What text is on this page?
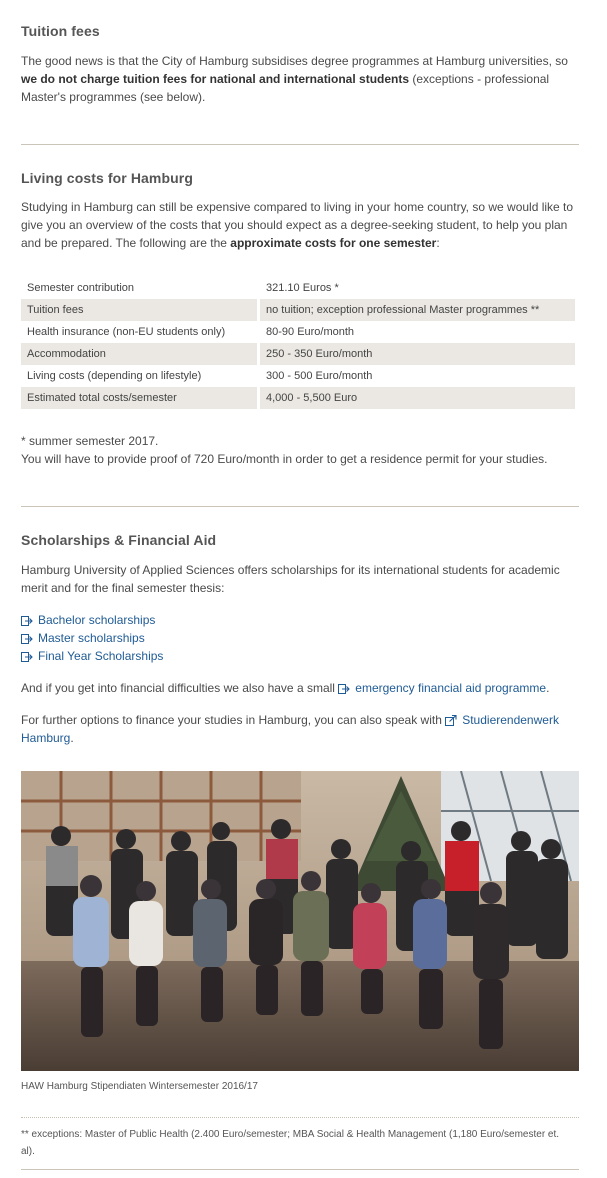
Tuition fees

The good news is that the City of Hamburg subsidises degree programmes at Hamburg universities, so we do not charge tuition fees for national and international students (exceptions - professional Master's programmes (see below).

Living costs for Hamburg

Studying in Hamburg can still be expensive compared to living in your home country, so we would like to give you an overview of the costs that you should expect as a degree-seeking student, to help you plan and be prepared. The following are the approximate costs for one semester:

Semester contribution		321.10 Euros *
Tuition fees		no tuition; exception professional Master programmes **
Health insurance (non-EU students only)		80-90 Euro/month
Accommodation		250 - 350 Euro/month
Living costs (depending on lifestyle)		300 - 500 Euro/month
Estimated total costs/semester		4,000 - 5,500 Euro

* summer semester 2017.

You will have to provide proof of 720 Euro/month in order to get a residence permit for your studies.

Scholarships & Financial Aid

Hamburg University of Applied Sciences offers scholarships for its international students for academic merit and for the final semester thesis:

Bachelor scholarships
Master scholarships
Final Year Scholarships

And if you get into financial difficulties we also have a small
emergency financial aid programme.

For further options to finance your studies in Hamburg, you can also speak with
Studierendenwerk
Hamburg.

HAW Hamburg Stipendiaten Wintersemester 2016/17

** exceptions: Master of Public Health (2.400 Euro/semester; MBA Social & Health Management (1,180 Euro/semester et. al).
